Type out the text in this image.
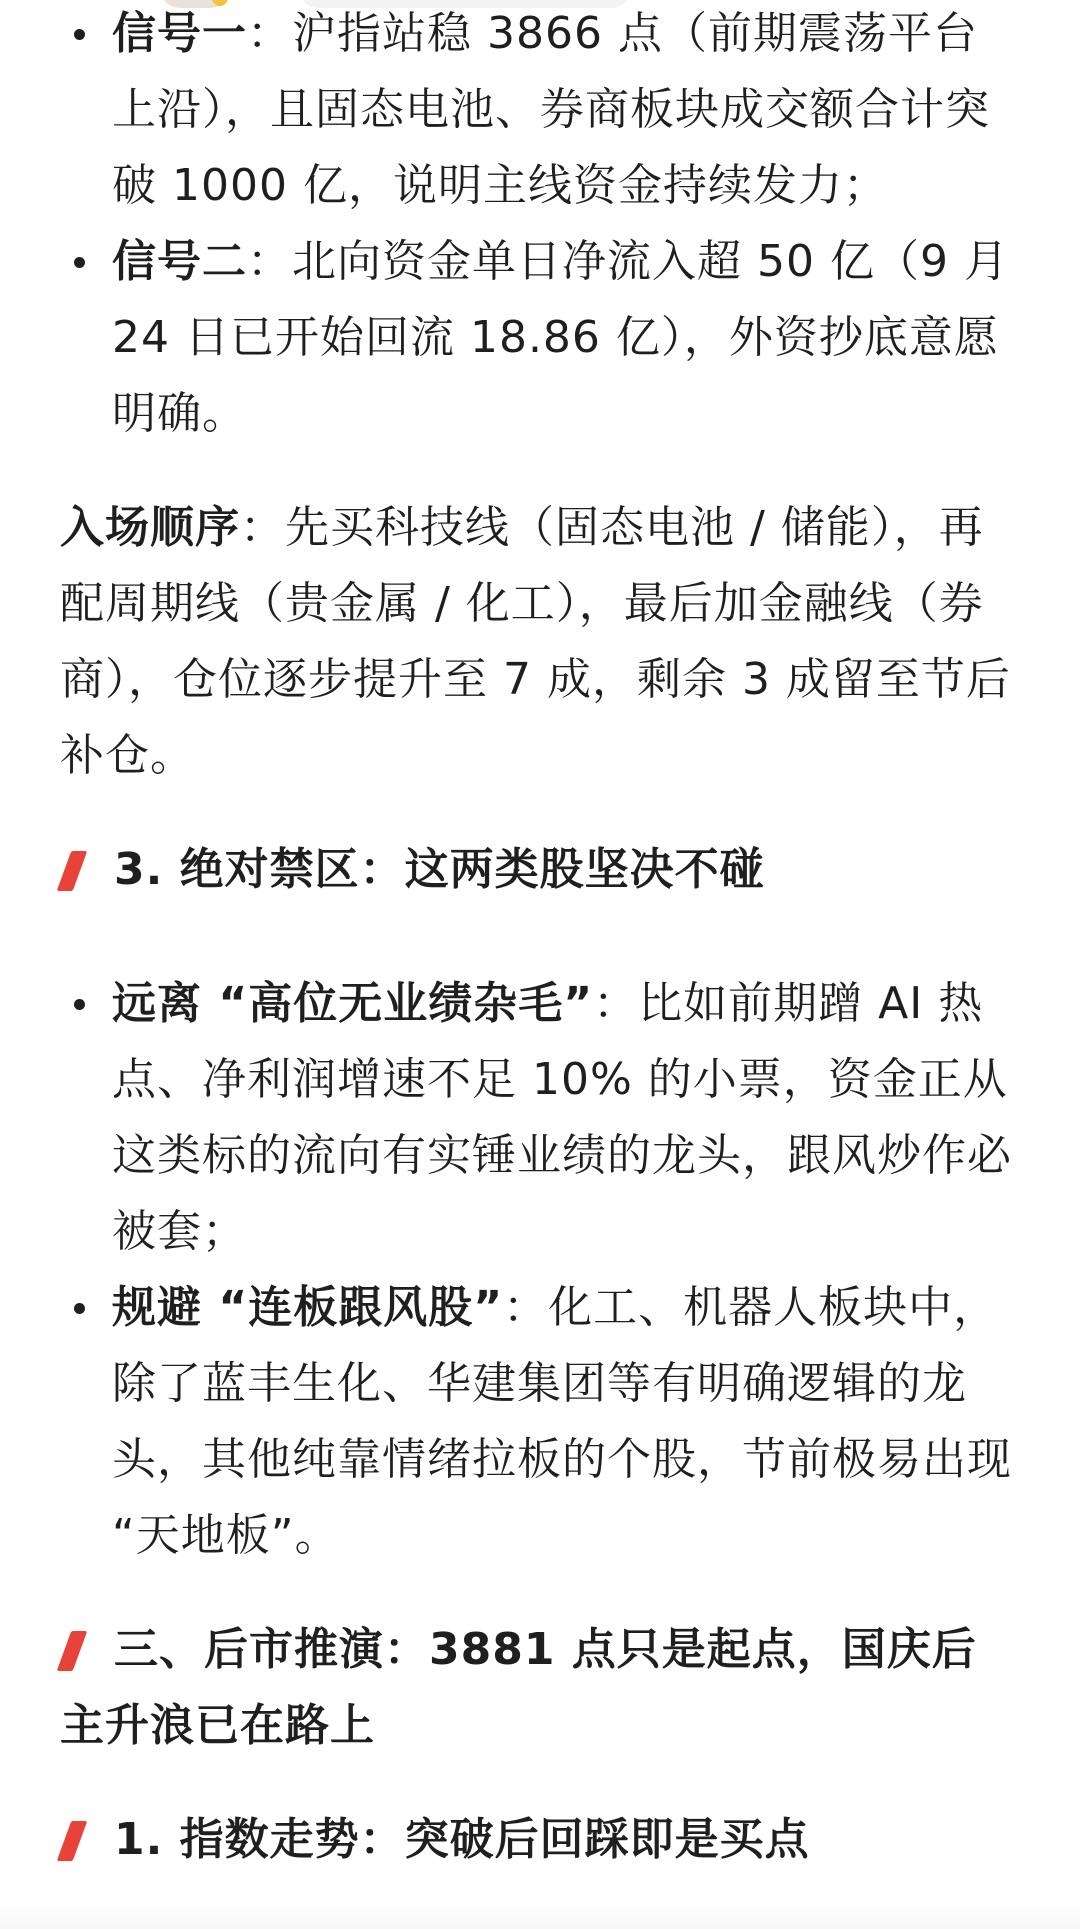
信号一：沪指站稳 3866 点（前期震荡平台上沿），且固态电池、券商板块成交额合计突破 1000 亿，说明主线资金持续发力；
信号二：北向资金单日净流入超 50 亿（9 月 24 日已开始回流 18.86 亿），外资抄底意愿明确。

入场顺序：先买科技线（固态电池 / 储能），再配周期线（贵金属 / 化工），最后加金融线（券商），仓位逐步提升至 7 成，剩余 3 成留至节后补仓。

3. 绝对禁区：这两类股坚决不碰
远离 “高位无业绩杂毛”：比如前期蹭 AI 热点、净利润增速不足 10% 的小票，资金正从这类标的流向有实锤业绩的龙头，跟风炒作必被套；
规避 “连板跟风股”：化工、机器人板块中，除了蓝丰生化、华建集团等有明确逻辑的龙头，其他纯靠情绪拉板的个股，节前极易出现 “天地板”。
三、后市推演：3881 点只是起点，国庆后主升浪已在路上
1. 指数走势：突破后回踩即是买点
